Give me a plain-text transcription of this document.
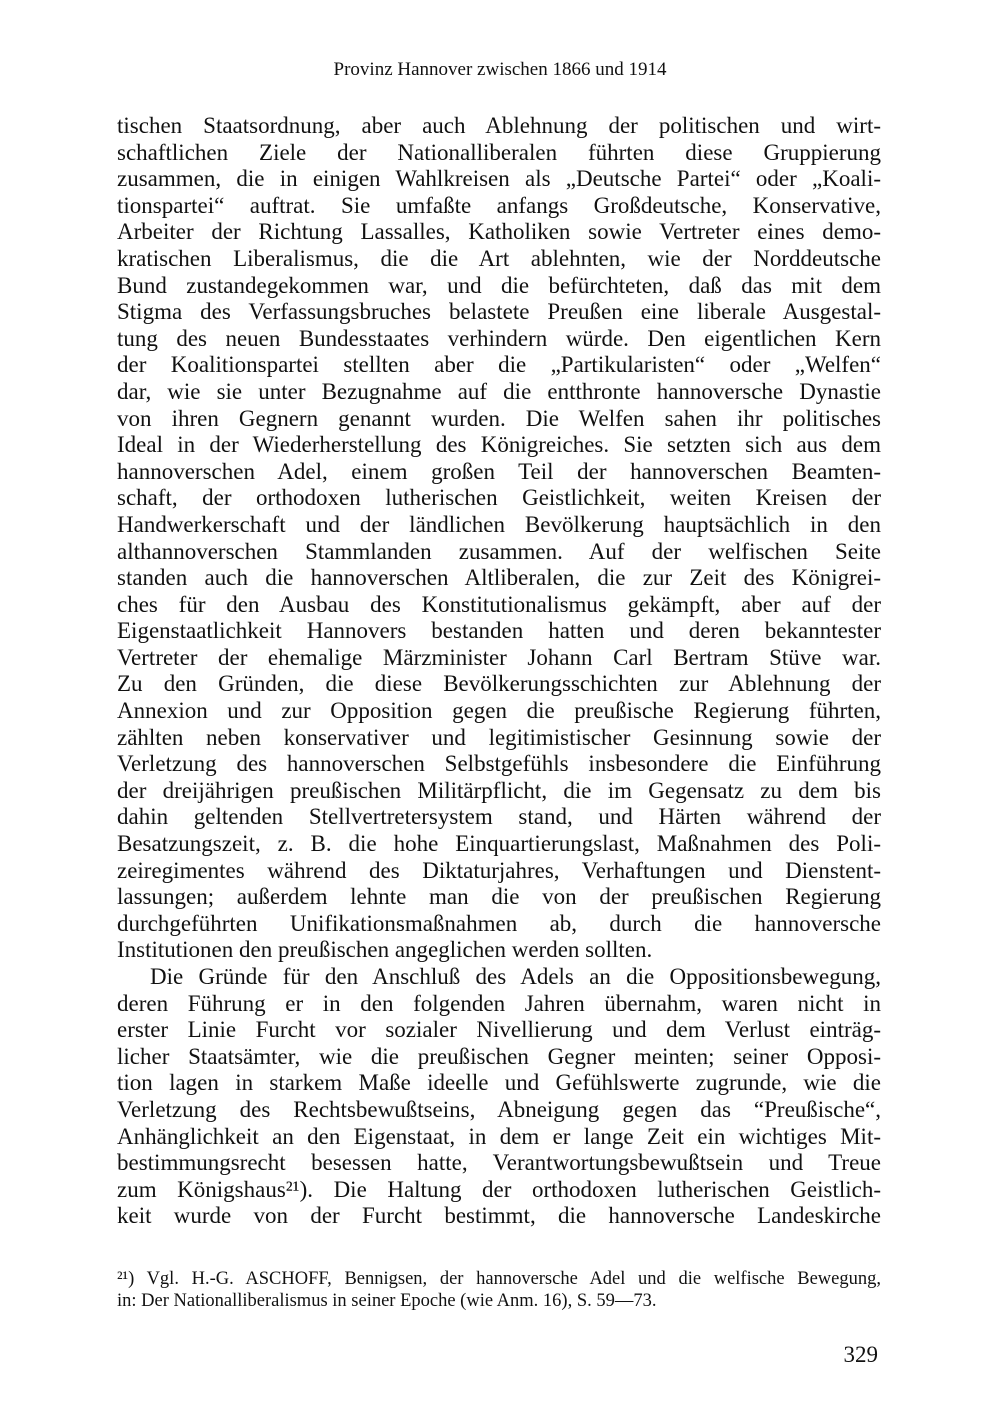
Provinz Hannover zwischen 1866 und 1914
tischen Staatsordnung, aber auch Ablehnung der politischen und wirt-
schaftlichen Ziele der Nationalliberalen führten diese Gruppierung
zusammen, die in einigen Wahlkreisen als „Deutsche Partei“ oder „Koali-
tionspartei“ auftrat. Sie umfaßte anfangs Großdeutsche, Konservative,
Arbeiter der Richtung Lassalles, Katholiken sowie Vertreter eines demo-
kratischen Liberalismus, die die Art ablehnten, wie der Norddeutsche
Bund zustandegekommen war, und die befürchteten, daß das mit dem
Stigma des Verfassungsbruches belastete Preußen eine liberale Ausgestal-
tung des neuen Bundesstaates verhindern würde. Den eigentlichen Kern
der Koalitionspartei stellten aber die „Partikularisten“ oder „Welfen“
dar, wie sie unter Bezugnahme auf die entthronte hannoversche Dynastie
von ihren Gegnern genannt wurden. Die Welfen sahen ihr politisches
Ideal in der Wiederherstellung des Königreiches. Sie setzten sich aus dem
hannoverschen Adel, einem großen Teil der hannoverschen Beamten-
schaft, der orthodoxen lutherischen Geistlichkeit, weiten Kreisen der
Handwerkerschaft und der ländlichen Bevölkerung hauptsächlich in den
althannoverschen Stammlanden zusammen. Auf der welfischen Seite
standen auch die hannoverschen Altliberalen, die zur Zeit des Königrei-
ches für den Ausbau des Konstitutionalismus gekämpft, aber auf der
Eigenstaatlichkeit Hannovers bestanden hatten und deren bekanntester
Vertreter der ehemalige Märzminister Johann Carl Bertram Stüve war.
Zu den Gründen, die diese Bevölkerungsschichten zur Ablehnung der
Annexion und zur Opposition gegen die preußische Regierung führten,
zählten neben konservativer und legitimistischer Gesinnung sowie der
Verletzung des hannoverschen Selbstgefühls insbesondere die Einführung
der dreijährigen preußischen Militärpflicht, die im Gegensatz zu dem bis
dahin geltenden Stellvertretersystem stand, und Härten während der
Besatzungszeit, z. B. die hohe Einquartierungslast, Maßnahmen des Poli-
zeiregimentes während des Diktaturjahres, Verhaftungen und Dienstent-
lassungen; außerdem lehnte man die von der preußischen Regierung
durchgeführten Unifikationsmaßnahmen ab, durch die hannoversche
Institutionen den preußischen angeglichen werden sollten.
Die Gründe für den Anschluß des Adels an die Oppositionsbewegung,
deren Führung er in den folgenden Jahren übernahm, waren nicht in
erster Linie Furcht vor sozialer Nivellierung und dem Verlust einträg-
licher Staatsämter, wie die preußischen Gegner meinten; seiner Opposi-
tion lagen in starkem Maße ideelle und Gefühlswerte zugrunde, wie die
Verletzung des Rechtsbewußtseins, Abneigung gegen das “Preußische“,
Anhänglichkeit an den Eigenstaat, in dem er lange Zeit ein wichtiges Mit-
bestimmungsrecht besessen hatte, Verantwortungsbewußtsein und Treue
zum Königshaus²¹). Die Haltung der orthodoxen lutherischen Geistlich-
keit wurde von der Furcht bestimmt, die hannoversche Landeskirche
²¹) Vgl. H.-G. ASCHOFF, Bennigsen, der hannoversche Adel und die welfische Bewegung,
in: Der Nationalliberalismus in seiner Epoche (wie Anm. 16), S. 59—73.
329
